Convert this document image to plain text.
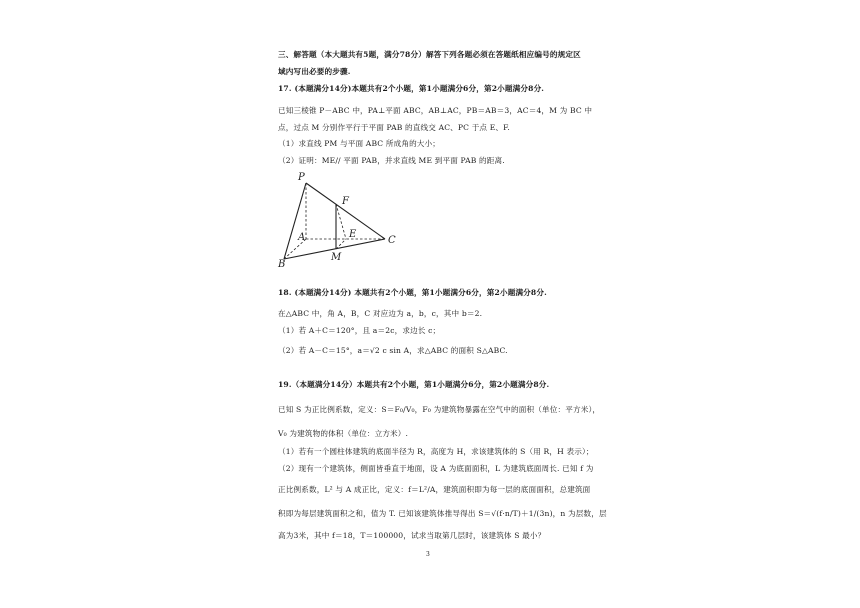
三、解答题（本大题共有5题，满分78分）解答下列各题必须在答题纸相应编号的规定区
域内写出必要的步骤.
17. (本题满分14分)本题共有2个小题，第1小题满分6分，第2小题满分8分.
已知三棱锥 P－ABC 中，PA⊥平面 ABC，AB⊥AC，PB＝AB＝3，AC＝4，M 为 BC 中
点，过点 M 分别作平行于平面 PAB 的直线交 AC、PC 于点 E、F.
（1）求直线 PM 与平面 ABC 所成角的大小；
（2）证明：ME// 平面 PAB，并求直线 ME 到平面 PAB 的距离.
P
F
A	E
C
B
M
18. (本题满分14分) 本题共有2个小题，第1小题满分6分，第2小题满分8分.
在△ABC 中，角 A，B，C 对应边为 a，b，c，其中 b＝2.
（1）若 A＋C＝120°，且 a＝2c，求边长 c；
（2）若 A－C＝15°，a＝√2 c sin A，求△ABC 的面积 S△ABC.
19.（本题满分14分）本题共有2个小题，第1小题满分6分，第2小题满分8分.
已知 S 为正比例系数，定义：S＝F₀/V₀，F₀ 为建筑物暴露在空气中的面积（单位：平方米），
V₀ 为建筑物的体积（单位：立方米）.
（1）若有一个圆柱体建筑的底面半径为 R，高度为 H，求该建筑体的 S（用 R，H 表示）；
（2）现有一个建筑体，侧面皆垂直于地面，设 A 为底面面积，L 为建筑底面周长. 已知 f 为
正比例系数，L² 与 A 成正比，定义：f＝L²/A，建筑面积即为每一层的底面面积，总建筑面
积即为每层建筑面积之和，值为 T. 已知该建筑体推导得出 S＝√(f·n/T)＋1/(3n)，n 为层数，层
高为3米，其中 f＝18，T＝100000，试求当取第几层时，该建筑体 S 最小？
3
